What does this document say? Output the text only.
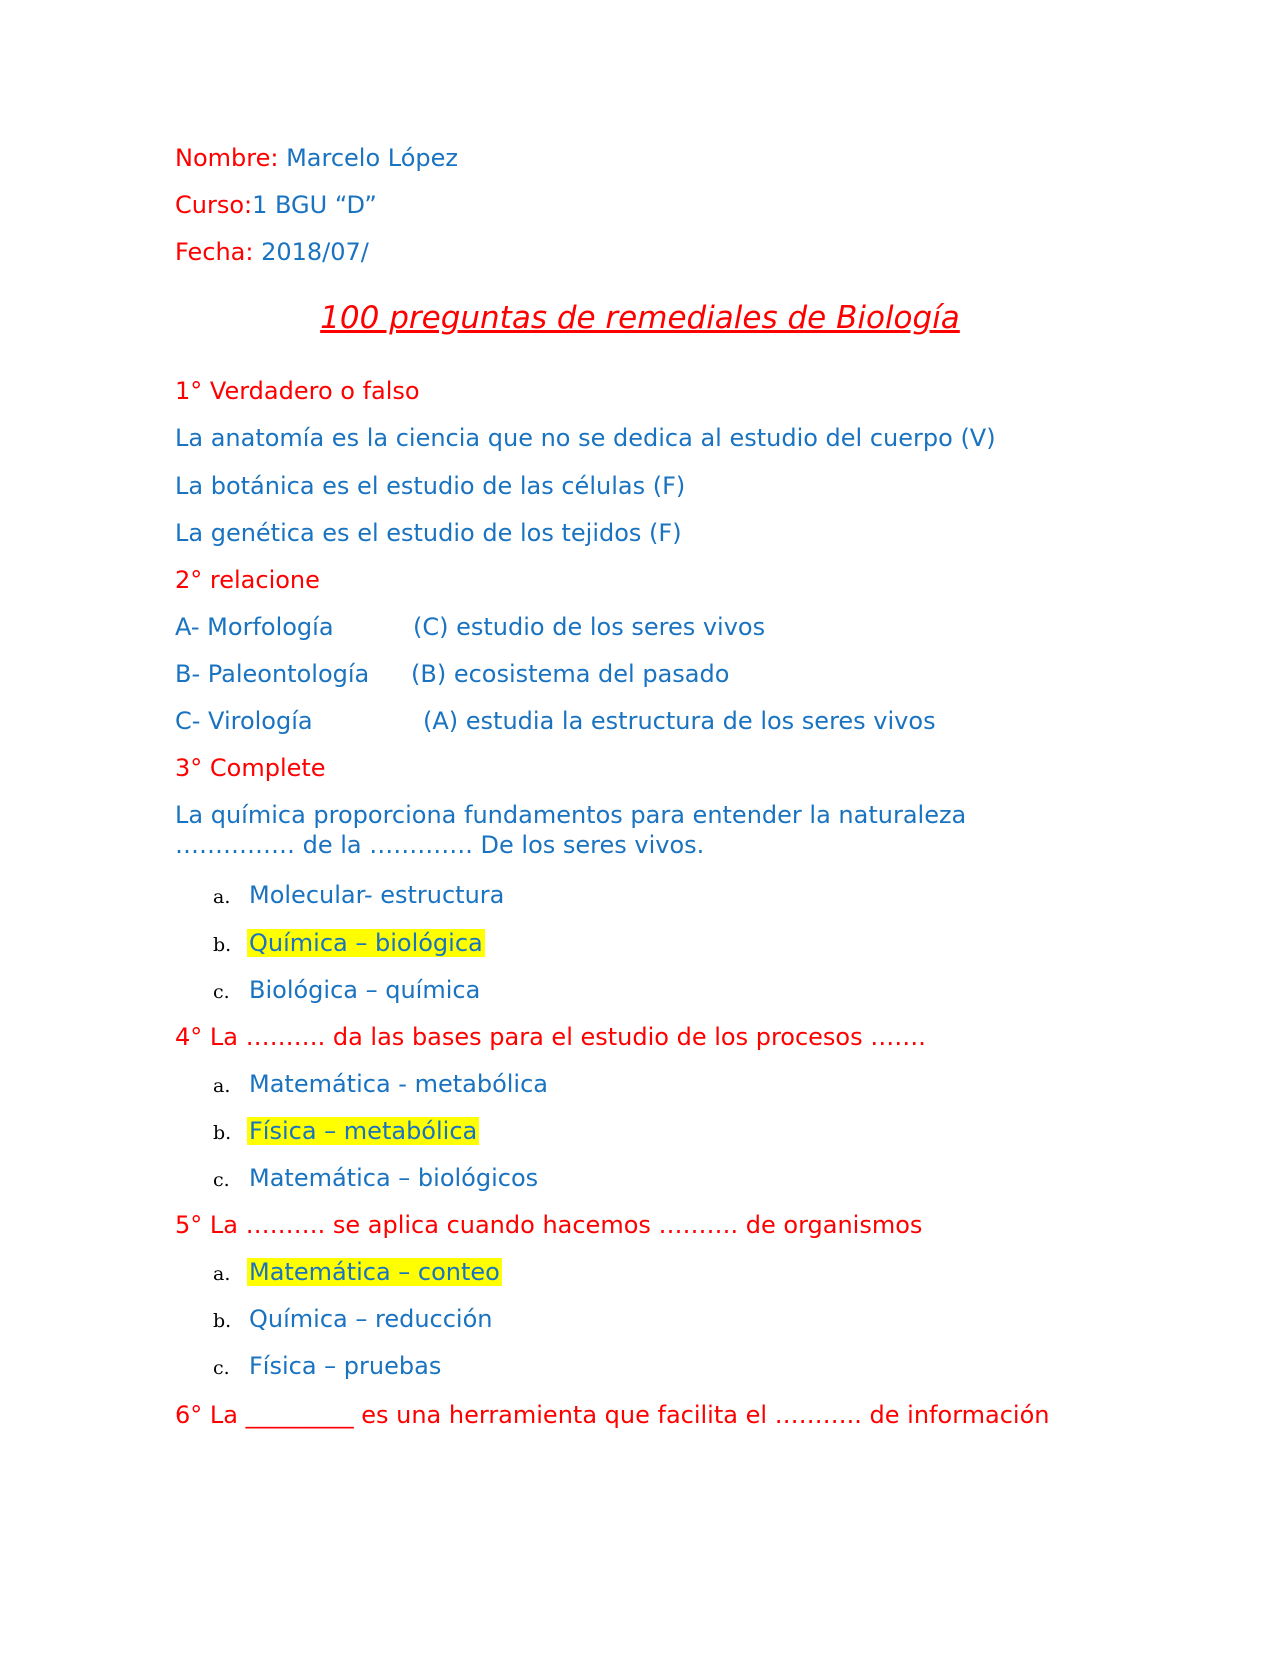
Nombre: Marcelo López
Curso:1 BGU “D”
Fecha: 2018/07/
100 preguntas de remediales de Biología
1° Verdadero o falso
La anatomía es la ciencia que no se dedica al estudio del cuerpo (V)
La botánica es el estudio de las células (F)
La genética es el estudio de los tejidos (F)
2° relacione
A- Morfología	(C) estudio de los seres vivos
B- Paleontología (B) ecosistema del pasado
C- Virología	(A) estudia la estructura de los seres vivos
3° Complete
La química proporciona fundamentos para entender la naturaleza
…………… de la …………. De los seres vivos.
a. Molecular- estructura
b. Química – biológica
c. Biológica – química
4° La ………. da las bases para el estudio de los procesos …….
a. Matemática - metabólica
b. Física – metabólica
c. Matemática – biológicos
5° La ………. se aplica cuando hacemos ………. de organismos
a. Matemática – conteo
b. Química – reducción
c. Física – pruebas
6° La _________ es una herramienta que facilita el ……….. de información
